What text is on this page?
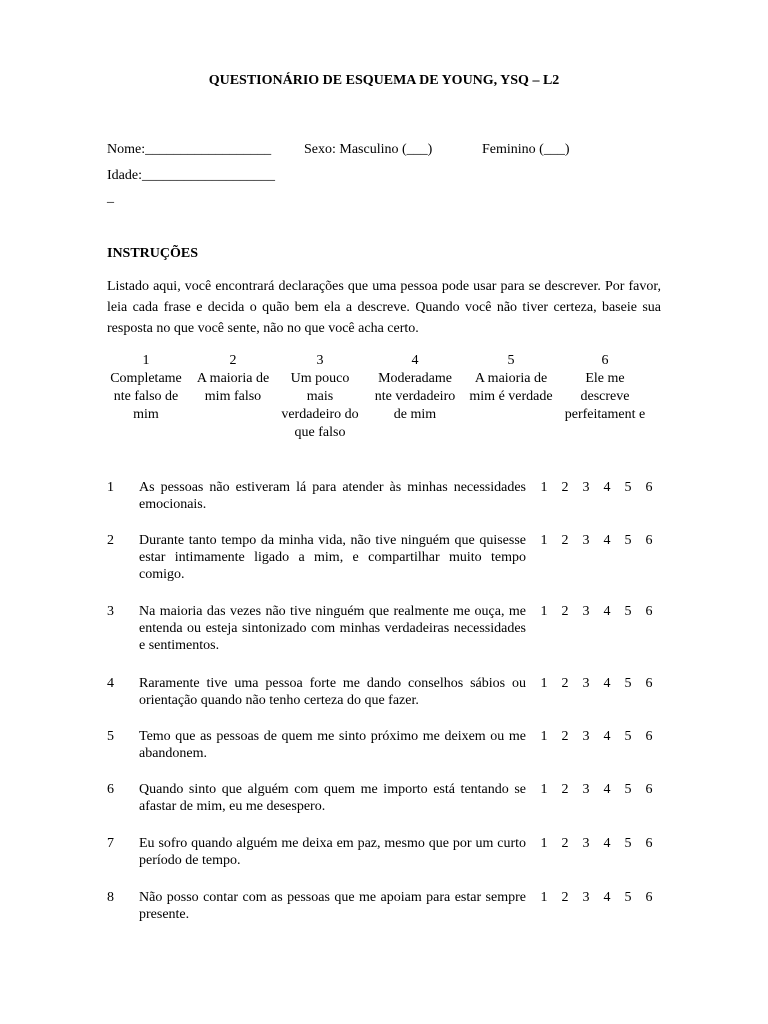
QUESTIONÁRIO DE ESQUEMA DE YOUNG, YSQ – L2
Nome:__________________ Sexo: Masculino (___)	Feminino (___)
Idade:___________________
_
INSTRUÇÕES

Listado aqui, você encontrará declarações que uma pessoa pode usar para se descrever. Por favor, leia cada frase e decida o quão bem ela a descreve. Quando você não tiver certeza, baseie sua resposta no que você sente, não no que você acha certo.

1
Completame nte falso de mim
2
A maioria de mim falso
3
Um pouco mais verdadeiro do que falso
4
Moderadame nte verdadeiro de mim
5
A maioria de mim é verdade
6
Ele me descreve perfeitament e
1 As pessoas não estiveram lá para atender às minhas necessidades emocionais.
1 2 3 4 5 6
2 Durante tanto tempo da minha vida, não tive ninguém que quisesse estar intimamente ligado a mim, e compartilhar muito tempo comigo.
1 2 3 4 5 6
3 Na maioria das vezes não tive ninguém que realmente me ouça, me entenda ou esteja sintonizado com minhas verdadeiras necessidades e sentimentos.
1 2 3 4 5 6
4 Raramente tive uma pessoa forte me dando conselhos sábios ou orientação quando não tenho certeza do que fazer.
1 2 3 4 5 6
5 Temo que as pessoas de quem me sinto próximo me deixem ou me abandonem.
1 2 3 4 5 6
6 Quando sinto que alguém com quem me importo está tentando se afastar de mim, eu me desespero.
1 2 3 4 5 6
7 Eu sofro quando alguém me deixa em paz, mesmo que por um curto período de tempo.
1 2 3 4 5 6
8 Não posso contar com as pessoas que me apoiam para estar sempre presente.
1 2 3 4 5 6
